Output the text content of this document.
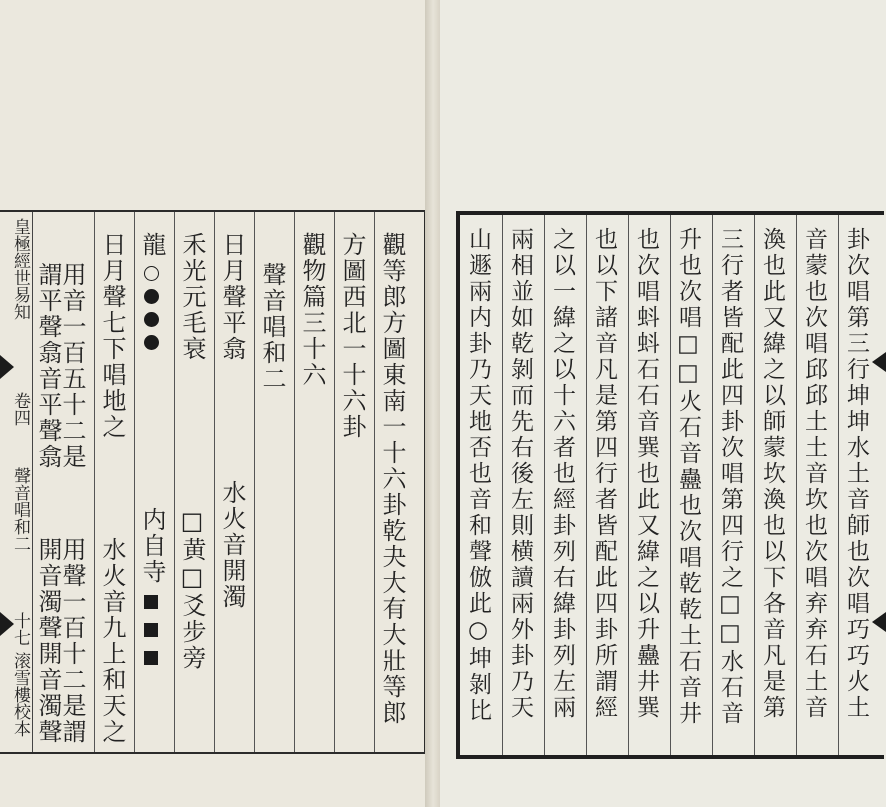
皇極經世易知
卷四
聲音唱和二
十七
滚雪樓校本	觀等郎方圖東南一十六卦乾夬大有大壯等郎
方圖西北一十六卦
觀物篇三十六
聲音唱和二
日月聲平翕
水火音開濁
禾光元毛衰
□黄□爻步旁
龍

内自寺

日月聲七下唱地之
水火音九上和天之
用音一百五十二是
用聲一百十二是謂
謂平聲翕音平聲翕
開音濁聲開音濁聲	卦次唱第三行坤坤水土音師也次唱巧巧火土
音蒙也次唱邱邱土土音坎也次唱弃弃石土音
渙也此又緯之以師蒙坎渙也以下各音凡是第
三行者皆配此四卦次唱第四行之□□水石音
升也次唱□□火石音蠱也次唱乾乾土石音井
也次唱蚪蚪石石音巽也此又緯之以升蠱井巽
也以下諸音凡是第四行者皆配此四卦所謂經
之以一緯之以十六者也經卦列右緯卦列左兩
兩相並如乾剝而先右後左則横讀兩外卦乃天
山遯兩内卦乃天地否也音和聲倣此○坤剝比
